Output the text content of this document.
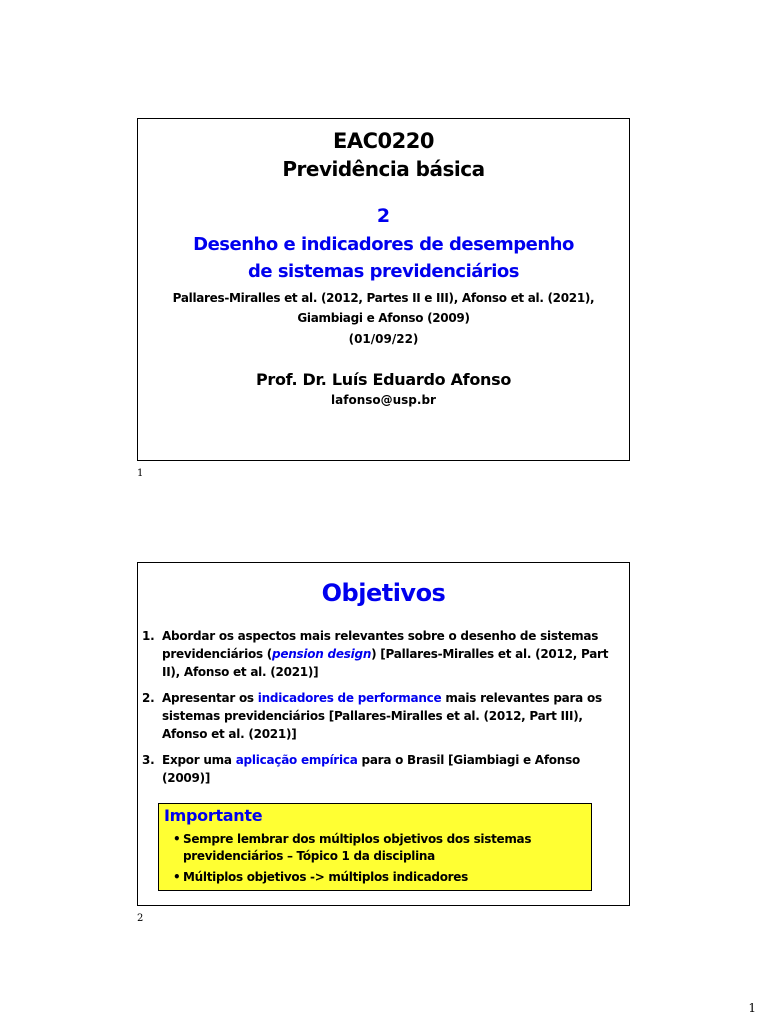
EAC0220
Previdência básica
2
Desenho e indicadores de desempenho
de sistemas previdenciários
Pallares-Miralles et al. (2012, Partes II e III), Afonso et al. (2021), Giambiagi e Afonso (2009)
(01/09/22)
Prof. Dr. Luís Eduardo Afonso
lafonso@usp.br
1
Objetivos
1. Abordar os aspectos mais relevantes sobre o desenho de sistemas previdenciários (pension design) [Pallares-Miralles et al. (2012, Part II), Afonso et al. (2021)]
2. Apresentar os indicadores de performance mais relevantes para os sistemas previdenciários [Pallares-Miralles et al. (2012, Part III), Afonso et al. (2021)]
3. Expor uma aplicação empírica para o Brasil [Giambiagi e Afonso (2009)]
Importante
• Sempre lembrar dos múltiplos objetivos dos sistemas previdenciários – Tópico 1 da disciplina
• Múltiplos objetivos -> múltiplos indicadores
2
1
